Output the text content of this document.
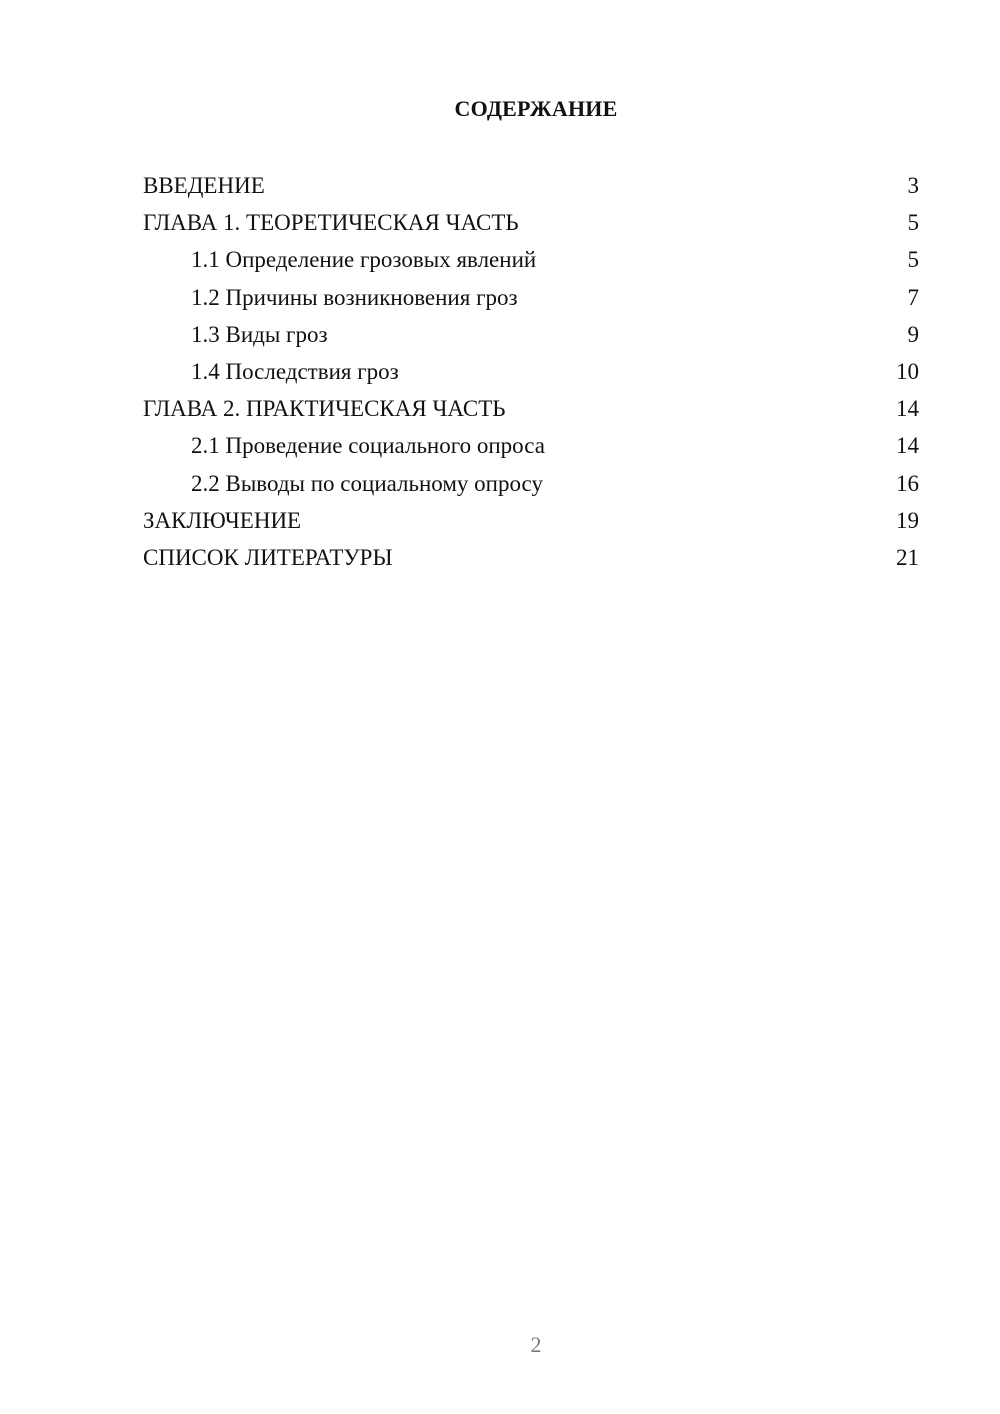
СОДЕРЖАНИЕ
ВВЕДЕНИЕ	3
ГЛАВА 1. ТЕОРЕТИЧЕСКАЯ ЧАСТЬ	5
1.1 Определение грозовых явлений	5
1.2 Причины возникновения гроз	7
1.3 Виды гроз	9
1.4 Последствия гроз	10
ГЛАВА 2. ПРАКТИЧЕСКАЯ ЧАСТЬ	14
2.1 Проведение социального опроса	14
2.2 Выводы по социальному опросу	16
ЗАКЛЮЧЕНИЕ	19
СПИСОК ЛИТЕРАТУРЫ	21
2
